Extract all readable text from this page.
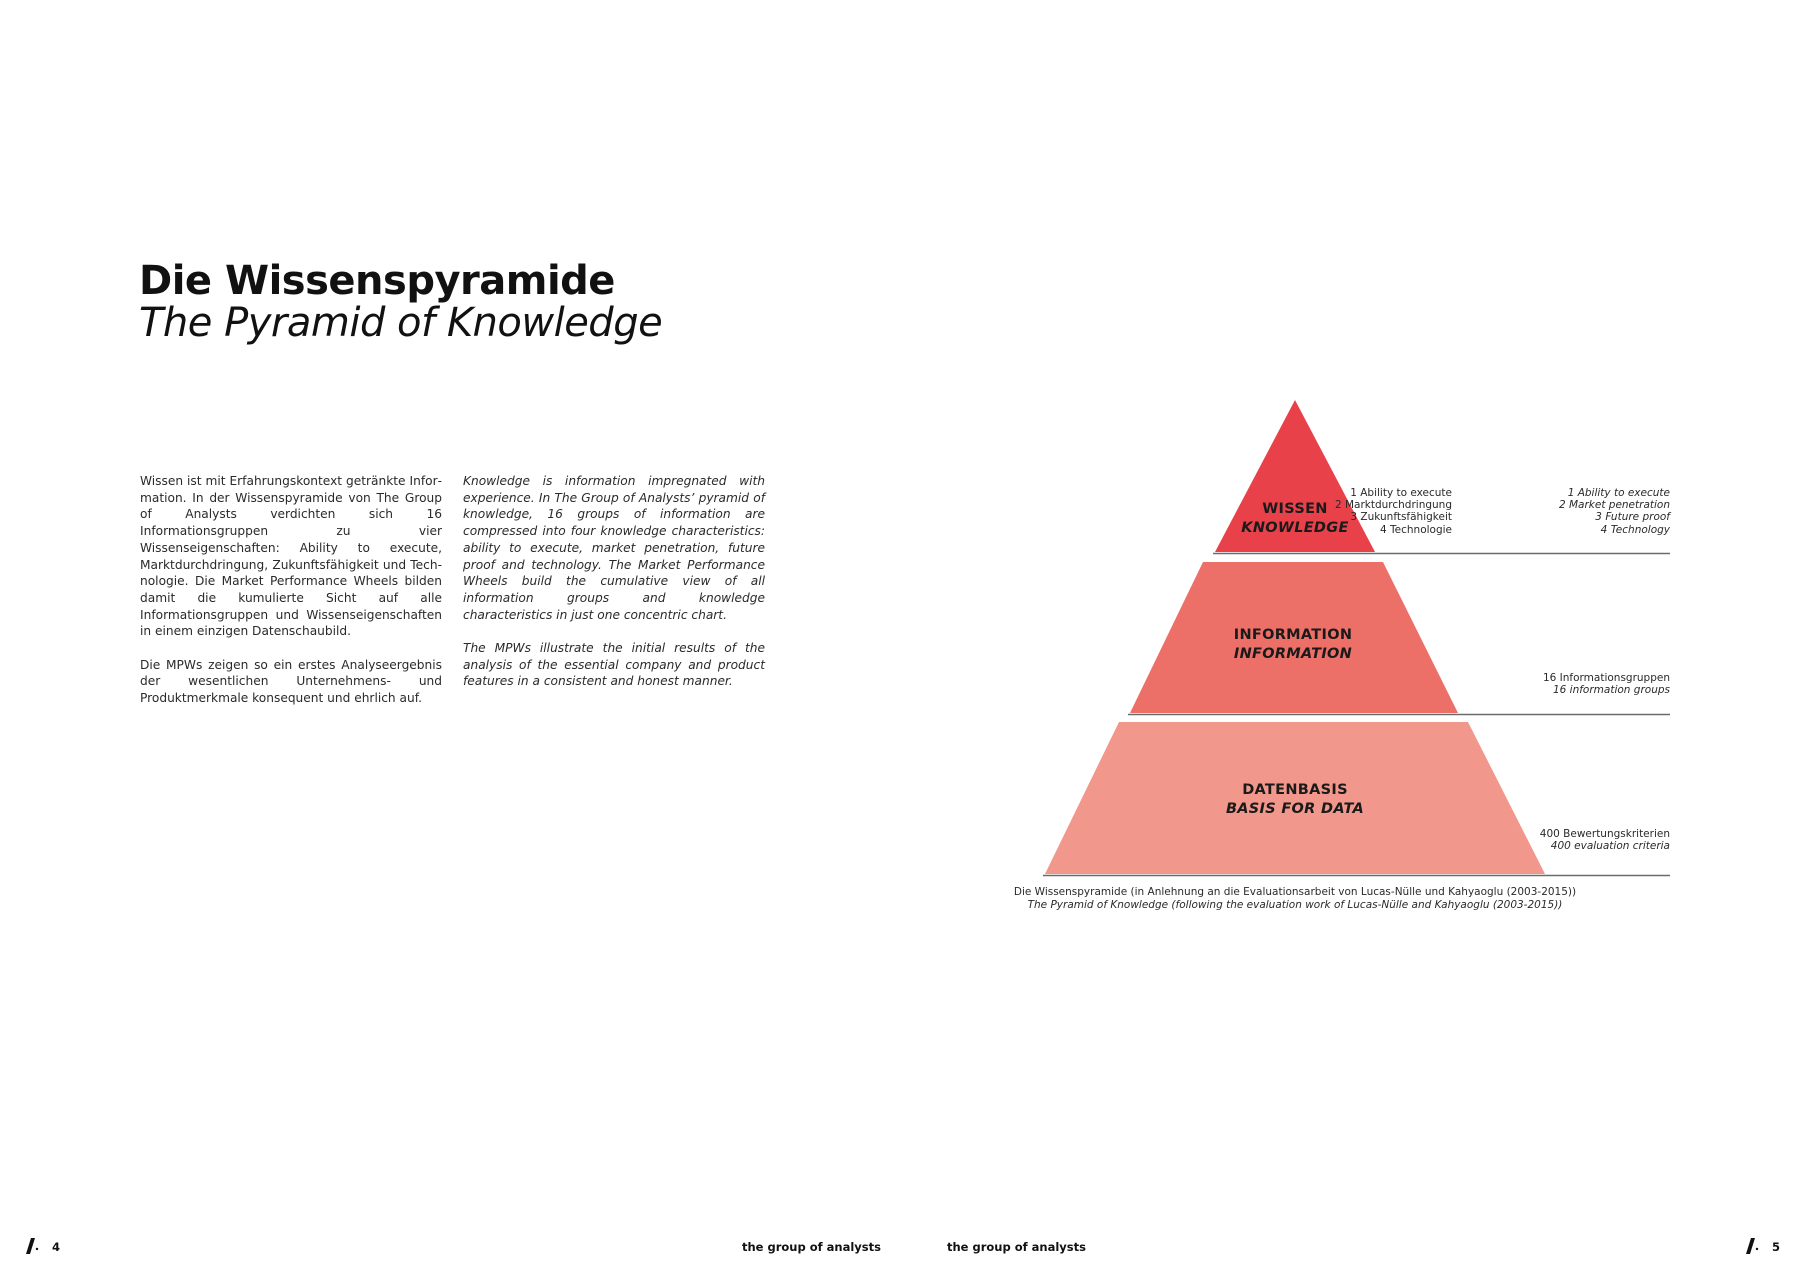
Die Wissenspyramide
The Pyramid of Knowledge

Wissen ist mit Erfahrungskontext getränkte Information. In der Wissenspyramide von The Group of Analysts verdichten sich 16 Informationsgruppen zu vier Wissenseigenschaften: Ability to execute, Marktdurchdringung, Zukunftsfähigkeit und Technologie. Die Market Performance Wheels bilden damit die kumulierte Sicht auf alle Informationsgruppen und Wissenseigenschaften in einem einzigen Datenschaubild.

Die MPWs zeigen so ein erstes Analyseergebnis der wesentlichen Unternehmens- und Produktmerkmale konsequent und ehrlich auf.

Knowledge is information impregnated with experience. In The Group of Analysts’ pyramid of knowledge, 16 groups of information are compressed into four knowledge characteristics: ability to execute, market penetration, future proof and technology. The Market Performance Wheels build the cumulative view of all information groups and knowledge characteristics in just one concentric chart.

The MPWs illustrate the initial results of the analysis of the essential company and product features in a consistent and honest manner.

WISSEN
KNOWLEDGE
INFORMATION
INFORMATION
DATENBASIS
BASIS FOR DATA
1 Ability to execute
2 Marktdurchdringung
3 Zukunftsfähigkeit
4 Technologie
1 Ability to execute
2 Market penetration
3 Future proof
4 Technology
16 Informationsgruppen
16 information groups
400 Bewertungskriterien
400 evaluation criteria
Die Wissenspyramide (in Anlehnung an die Evaluationsarbeit von Lucas-Nülle und Kahyaoglu (2003-2015))
The Pyramid of Knowledge (following the evaluation work of Lucas-Nülle and Kahyaoglu (2003-2015))
4	the group of analysts	the group of analysts	5
